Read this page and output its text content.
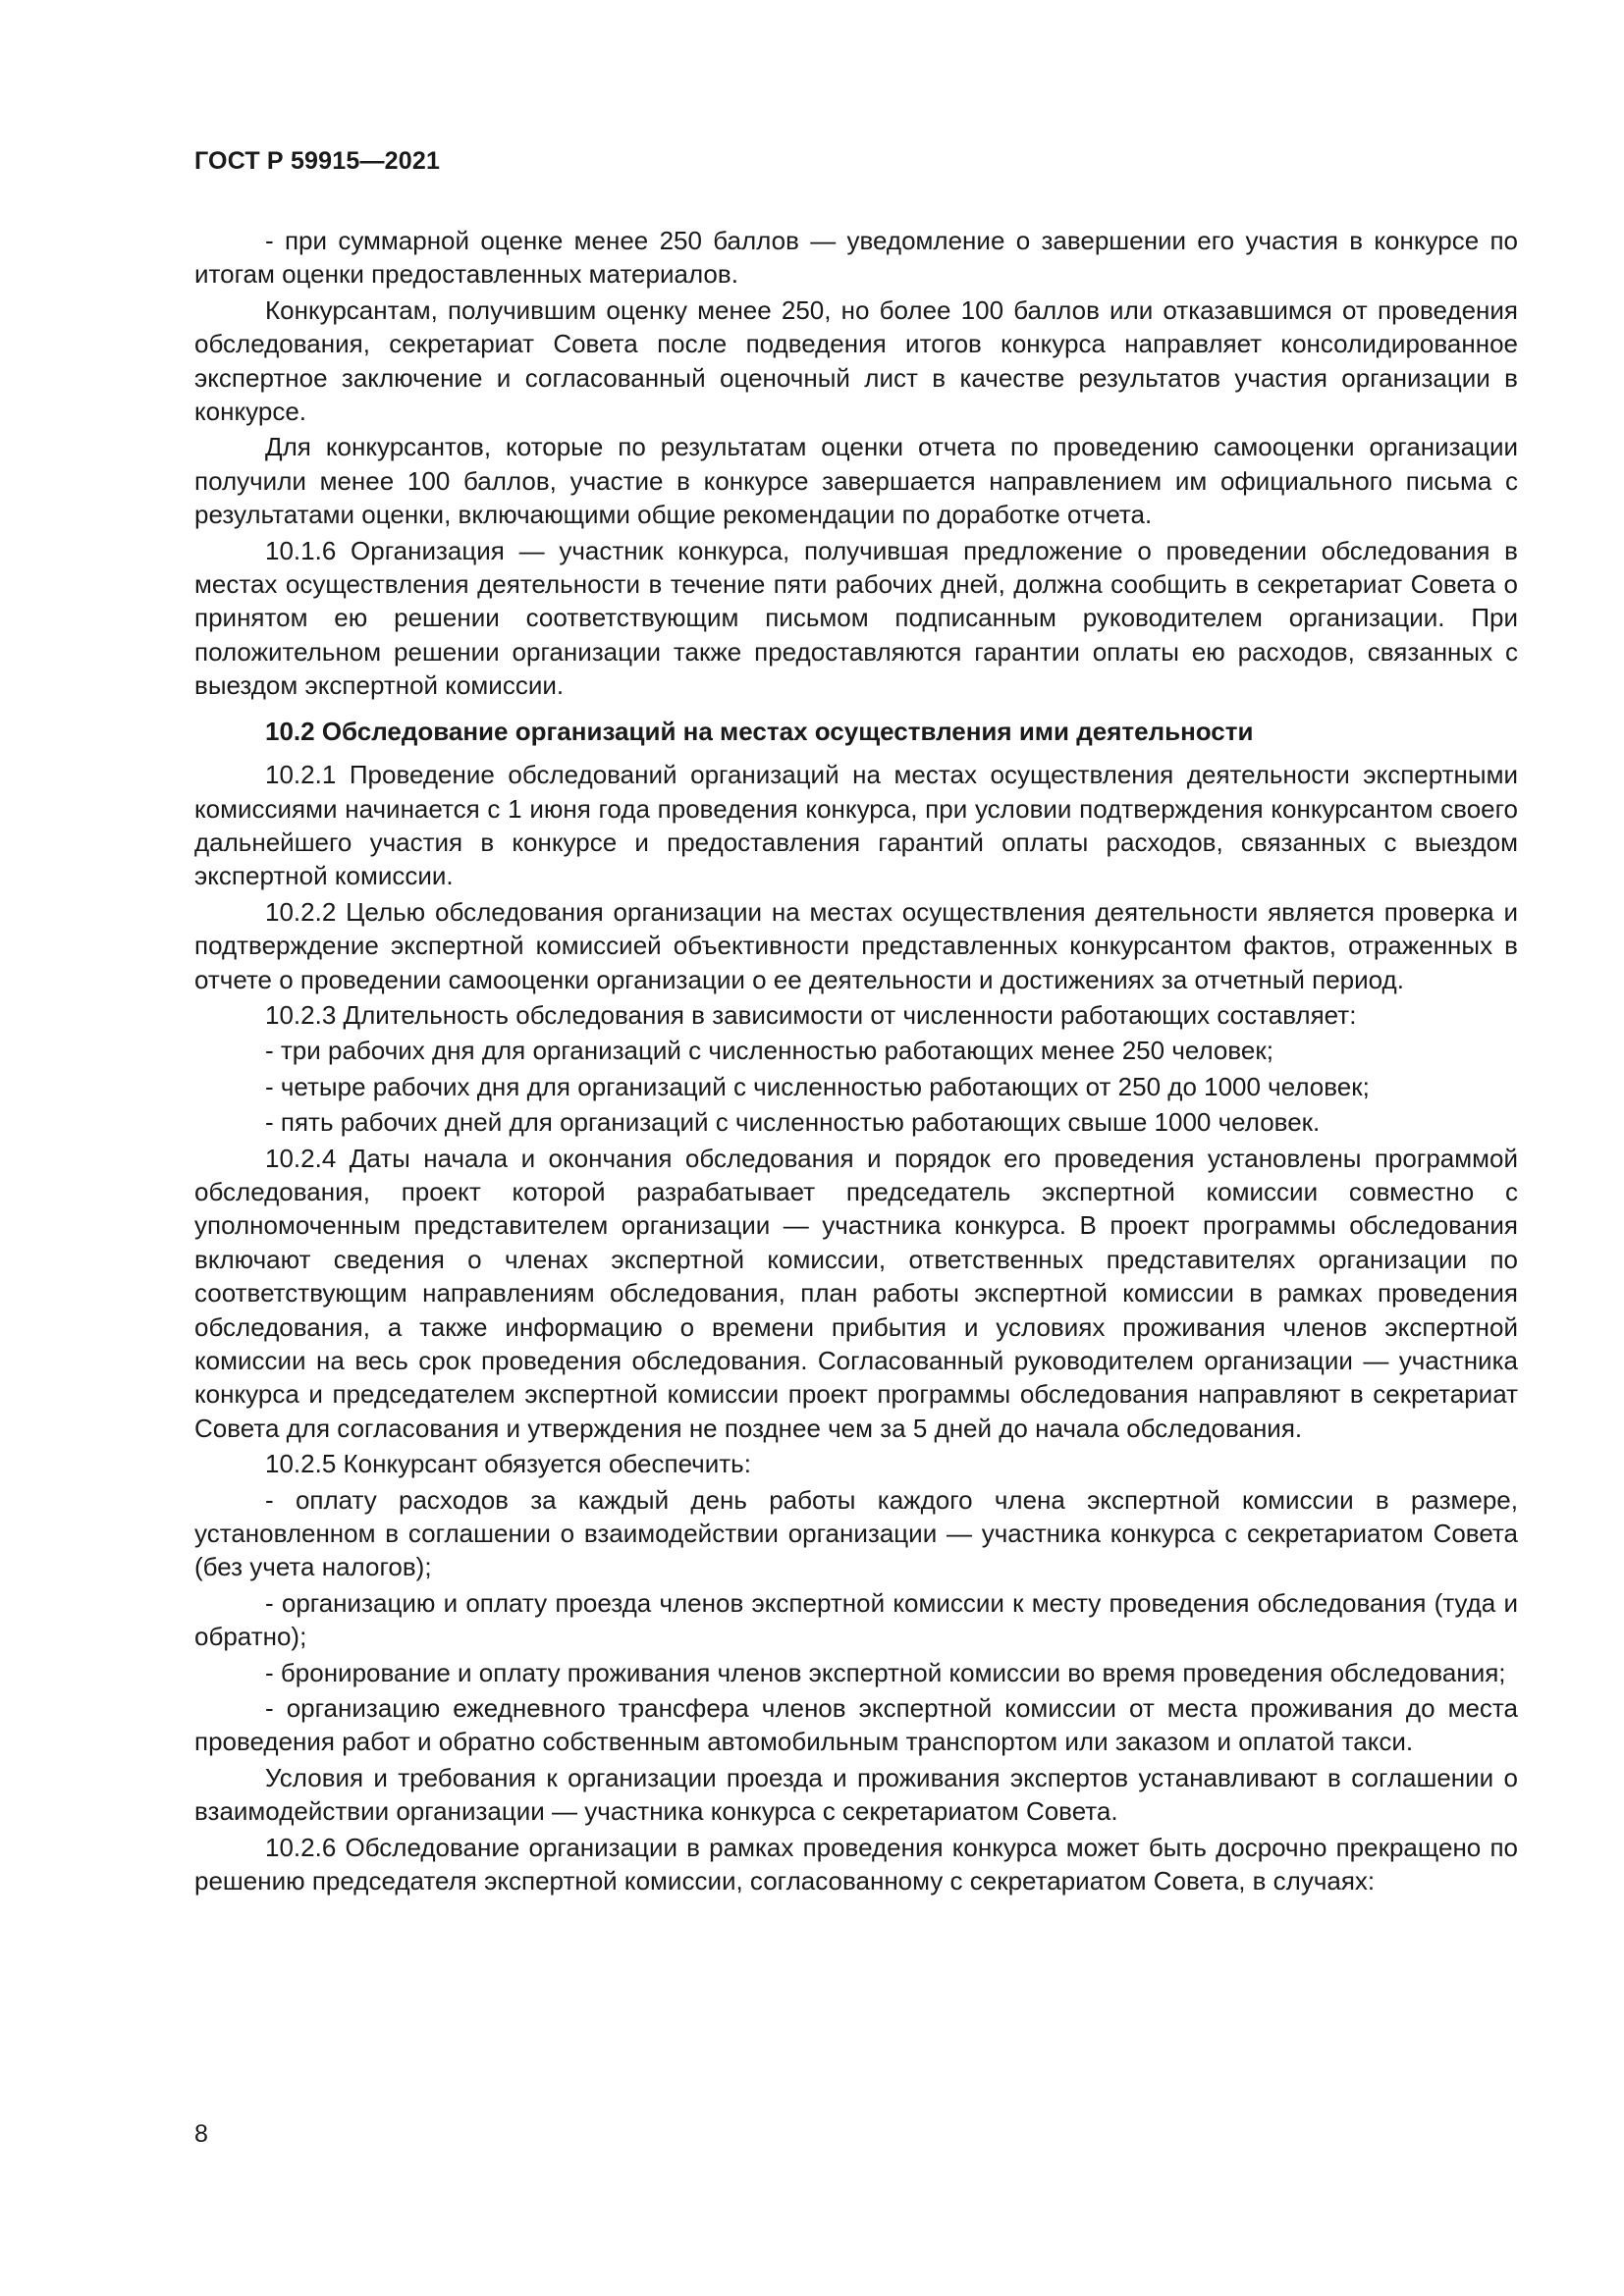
ГОСТ Р 59915—2021

- при суммарной оценке менее 250 баллов — уведомление о завершении его участия в конкурсе по итогам оценки предоставленных материалов.

Конкурсантам, получившим оценку менее 250, но более 100 баллов или отказавшимся от проведения обследования, секретариат Совета после подведения итогов конкурса направляет консолидированное экспертное заключение и согласованный оценочный лист в качестве результатов участия организации в конкурсе.

Для конкурсантов, которые по результатам оценки отчета по проведению самооценки организации получили менее 100 баллов, участие в конкурсе завершается направлением им официального письма с результатами оценки, включающими общие рекомендации по доработке отчета.

10.1.6 Организация — участник конкурса, получившая предложение о проведении обследования в местах осуществления деятельности в течение пяти рабочих дней, должна сообщить в секретариат Совета о принятом ею решении соответствующим письмом подписанным руководителем организации. При положительном решении организации также предоставляются гарантии оплаты ею расходов, связанных с выездом экспертной комиссии.

10.2 Обследование организаций на местах осуществления ими деятельности

10.2.1 Проведение обследований организаций на местах осуществления деятельности экспертными комиссиями начинается с 1 июня года проведения конкурса, при условии подтверждения конкурсантом своего дальнейшего участия в конкурсе и предоставления гарантий оплаты расходов, связанных с выездом экспертной комиссии.

10.2.2 Целью обследования организации на местах осуществления деятельности является проверка и подтверждение экспертной комиссией объективности представленных конкурсантом фактов, отраженных в отчете о проведении самооценки организации о ее деятельности и достижениях за отчетный период.

10.2.3 Длительность обследования в зависимости от численности работающих составляет:

- три рабочих дня для организаций с численностью работающих менее 250 человек;

- четыре рабочих дня для организаций с численностью работающих от 250 до 1000 человек;

- пять рабочих дней для организаций с численностью работающих свыше 1000 человек.

10.2.4 Даты начала и окончания обследования и порядок его проведения установлены программой обследования, проект которой разрабатывает председатель экспертной комиссии совместно с уполномоченным представителем организации — участника конкурса. В проект программы обследования включают сведения о членах экспертной комиссии, ответственных представителях организации по соответствующим направлениям обследования, план работы экспертной комиссии в рамках проведения обследования, а также информацию о времени прибытия и условиях проживания членов экспертной комиссии на весь срок проведения обследования. Согласованный руководителем организации — участника конкурса и председателем экспертной комиссии проект программы обследования направляют в секретариат Совета для согласования и утверждения не позднее чем за 5 дней до начала обследования.

10.2.5 Конкурсант обязуется обеспечить:

- оплату расходов за каждый день работы каждого члена экспертной комиссии в размере, установленном в соглашении о взаимодействии организации — участника конкурса с секретариатом Совета (без учета налогов);

- организацию и оплату проезда членов экспертной комиссии к месту проведения обследования (туда и обратно);

- бронирование и оплату проживания членов экспертной комиссии во время проведения обследования;

- организацию ежедневного трансфера членов экспертной комиссии от места проживания до места проведения работ и обратно собственным автомобильным транспортом или заказом и оплатой такси.

Условия и требования к организации проезда и проживания экспертов устанавливают в соглашении о взаимодействии организации — участника конкурса с секретариатом Совета.

10.2.6 Обследование организации в рамках проведения конкурса может быть досрочно прекращено по решению председателя экспертной комиссии, согласованному с секретариатом Совета, в случаях:

8
